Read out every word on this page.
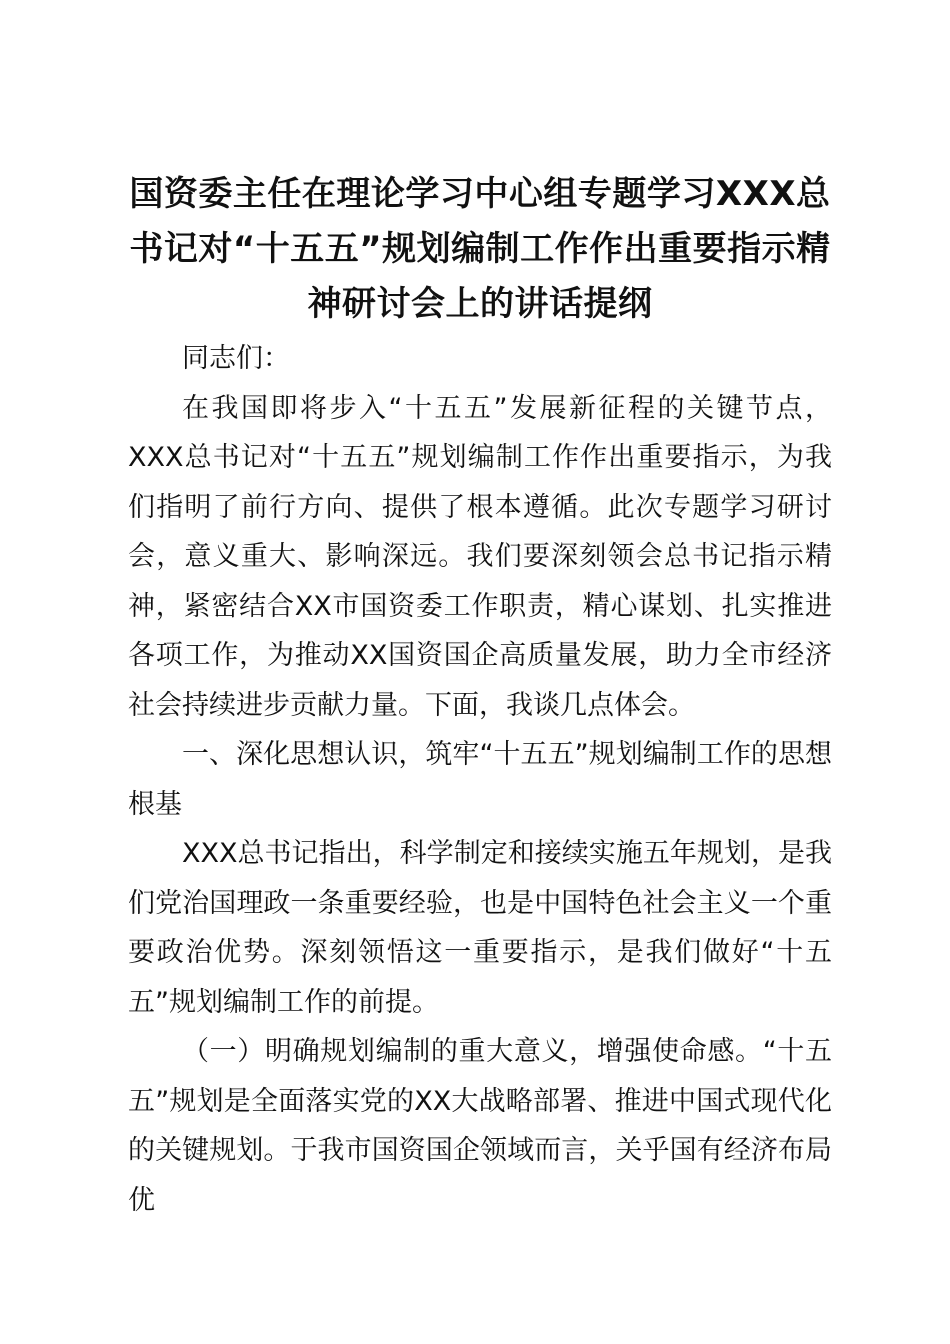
国资委主任在理论学习中心组专题学习XXX总书记对“十五五”规划编制工作作出重要指示精神研讨会上的讲话提纲

同志们：

在我国即将步入“十五五”发展新征程的关键节点，XXX总书记对“十五五”规划编制工作作出重要指示，为我们指明了前行方向、提供了根本遵循。此次专题学习研讨会，意义重大、影响深远。我们要深刻领会总书记指示精神，紧密结合XX市国资委工作职责，精心谋划、扎实推进各项工作，为推动XX国资国企高质量发展，助力全市经济社会持续进步贡献力量。下面，我谈几点体会。

一、深化思想认识，筑牢“十五五”规划编制工作的思想根基

XXX总书记指出，科学制定和接续实施五年规划，是我们党治国理政一条重要经验，也是中国特色社会主义一个重要政治优势。深刻领悟这一重要指示，是我们做好“十五五”规划编制工作的前提。

（一）明确规划编制的重大意义，增强使命感。“十五五”规划是全面落实党的XX大战略部署、推进中国式现代化的关键规划。于我市国资国企领域而言，关乎国有经济布局优
